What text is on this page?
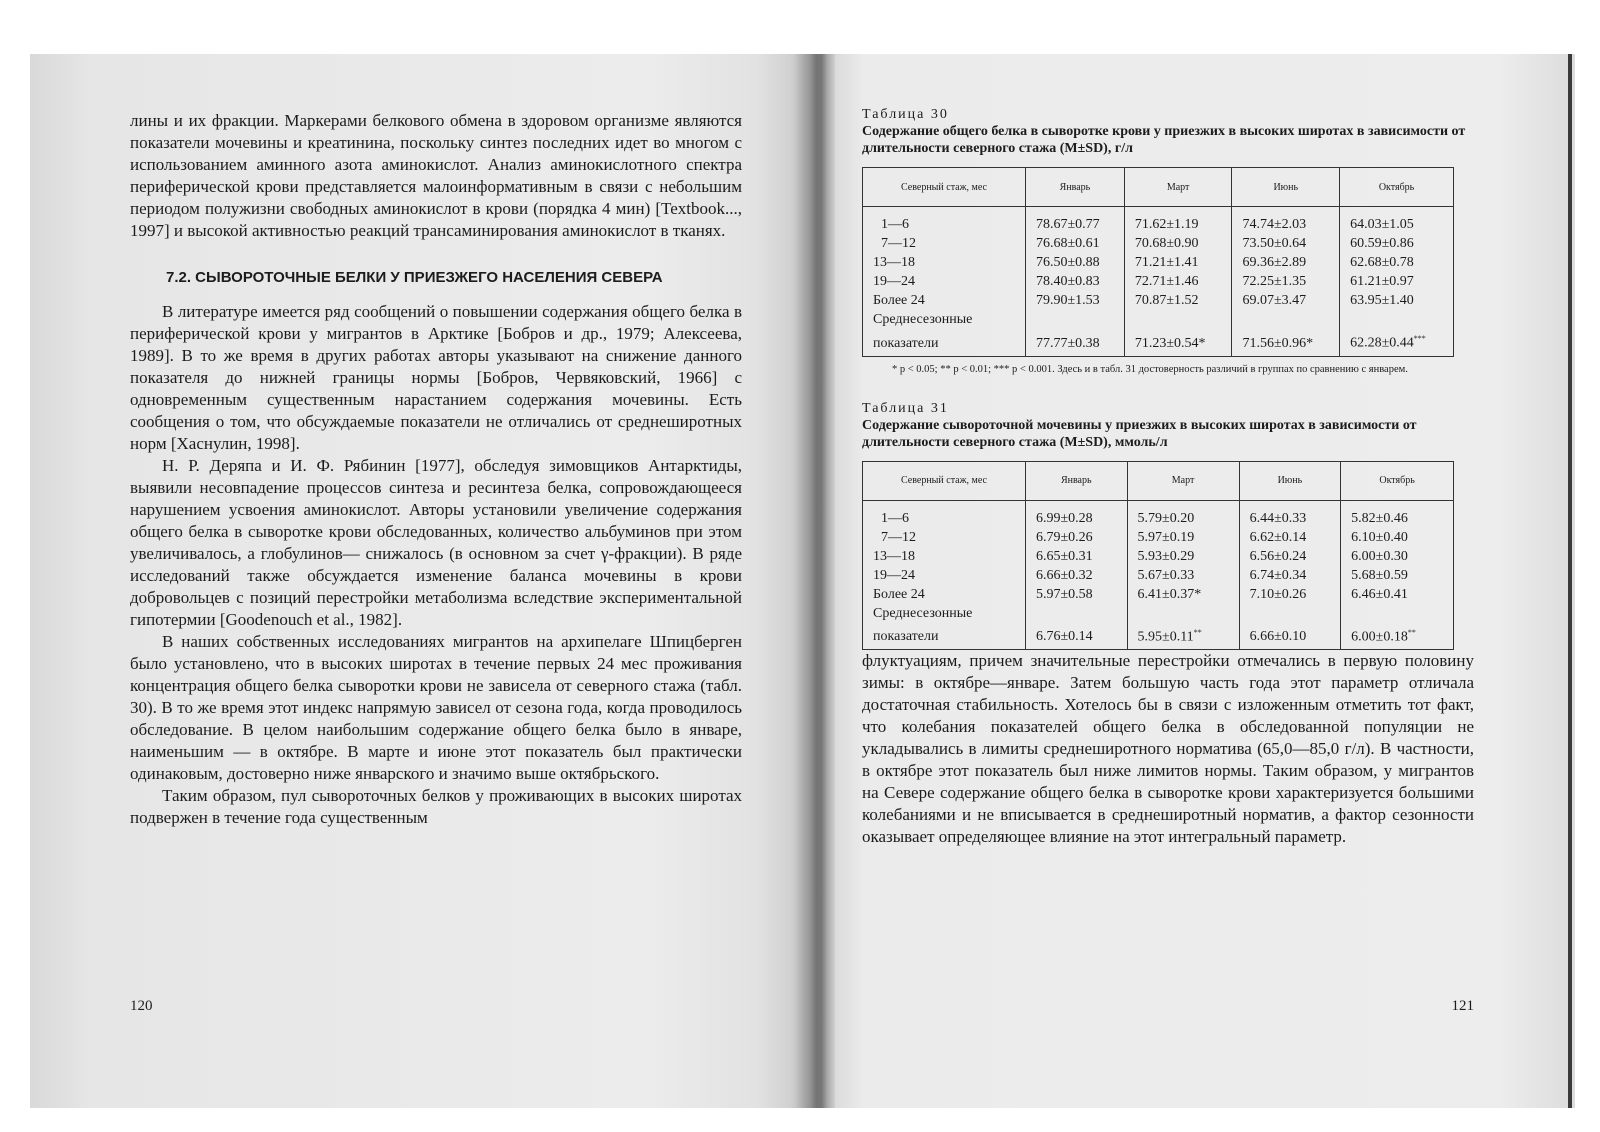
лины и их фракции. Маркерами белкового обмена в здоровом организме являются показатели мочевины и креатинина, поскольку синтез последних идет во многом с использованием аминного азота аминокислот. Анализ аминокислотного спектра периферической крови представляется малоинформативным в связи с небольшим периодом полужизни свободных аминокислот в крови (порядка 4 мин) [Textbook..., 1997] и высокой активностью реакций трансаминирования аминокислот в тканях.

7.2. СЫВОРОТОЧНЫЕ БЕЛКИ У ПРИЕЗЖЕГО НАСЕЛЕНИЯ СЕВЕРА

В литературе имеется ряд сообщений о повышении содержания общего белка в периферической крови у мигрантов в Арктике [Бобров и др., 1979; Алексеева, 1989]. В то же время в других работах авторы указывают на снижение данного показателя до нижней границы нормы [Бобров, Червяковский, 1966] с одновременным существенным нарастанием содержания мочевины. Есть сообщения о том, что обсуждаемые показатели не отличались от среднеширотных норм [Хаснулин, 1998].

Н. Р. Деряпа и И. Ф. Рябинин [1977], обследуя зимовщиков Антарктиды, выявили несовпадение процессов синтеза и ресинтеза белка, сопровождающееся нарушением усвоения аминокислот. Авторы установили увеличение содержания общего белка в сыворотке крови обследованных, количество альбуминов при этом увеличивалось, а глобулинов— снижалось (в основном за счет γ-фракции). В ряде исследований также обсуждается изменение баланса мочевины в крови добровольцев с позиций перестройки метаболизма вследствие экспериментальной гипотермии [Goodenouch et al., 1982].

В наших собственных исследованиях мигрантов на архипелаге Шпицберген было установлено, что в высоких широтах в течение первых 24 мес проживания концентрация общего белка сыворотки крови не зависела от северного стажа (табл. 30). В то же время этот индекс напрямую зависел от сезона года, когда проводилось обследование. В целом наибольшим содержание общего белка было в январе, наименьшим — в октябре. В марте и июне этот показатель был практически одинаковым, достоверно ниже январского и значимо выше октябрьского.

Таким образом, пул сывороточных белков у проживающих в высоких широтах подвержен в течение года существенным

120
Таблица 30
Содержание общего белка в сыворотке крови у приезжих в высоких широтах в зависимости от длительности северного стажа (M±SD), г/л
Северный стаж, мес	Январь	Март	Июнь	Октябрь
1—6	78.67±0.77	71.62±1.19	74.74±2.03	64.03±1.05
7—12	76.68±0.61	70.68±0.90	73.50±0.64	60.59±0.86
13—18	76.50±0.88	71.21±1.41	69.36±2.89	62.68±0.78
19—24	78.40±0.83	72.71±1.46	72.25±1.35	61.21±0.97
Более 24	79.90±1.53	70.87±1.52	69.07±3.47	63.95±1.40
Среднесезонные				
показатели	77.77±0.38	71.23±0.54*	71.56±0.96*	62.28±0.44***
* p < 0.05; ** p < 0.01; *** p < 0.001. Здесь и в табл. 31 достоверность различий в группах по сравнению с январем.
Таблица 31
Содержание сывороточной мочевины у приезжих в высоких широтах в зависимости от длительности северного стажа (M±SD), ммоль/л
Северный стаж, мес	Январь	Март	Июнь	Октябрь
1—6	6.99±0.28	5.79±0.20	6.44±0.33	5.82±0.46
7—12	6.79±0.26	5.97±0.19	6.62±0.14	6.10±0.40
13—18	6.65±0.31	5.93±0.29	6.56±0.24	6.00±0.30
19—24	6.66±0.32	5.67±0.33	6.74±0.34	5.68±0.59
Более 24	5.97±0.58	6.41±0.37*	7.10±0.26	6.46±0.41
Среднесезонные				
показатели	6.76±0.14	5.95±0.11**	6.66±0.10	6.00±0.18**

флуктуациям, причем значительные перестройки отмечались в первую половину зимы: в октябре—январе. Затем большую часть года этот параметр отличала достаточная стабильность. Хотелось бы в связи с изложенным отметить тот факт, что колебания показателей общего белка в обследованной популяции не укладывались в лимиты среднеширотного норматива (65,0—85,0 г/л). В частности, в октябре этот показатель был ниже лимитов нормы. Таким образом, у мигрантов на Севере содержание общего белка в сыворотке крови характеризуется большими колебаниями и не вписывается в среднеширотный норматив, а фактор сезонности оказывает определяющее влияние на этот интегральный параметр.

121
